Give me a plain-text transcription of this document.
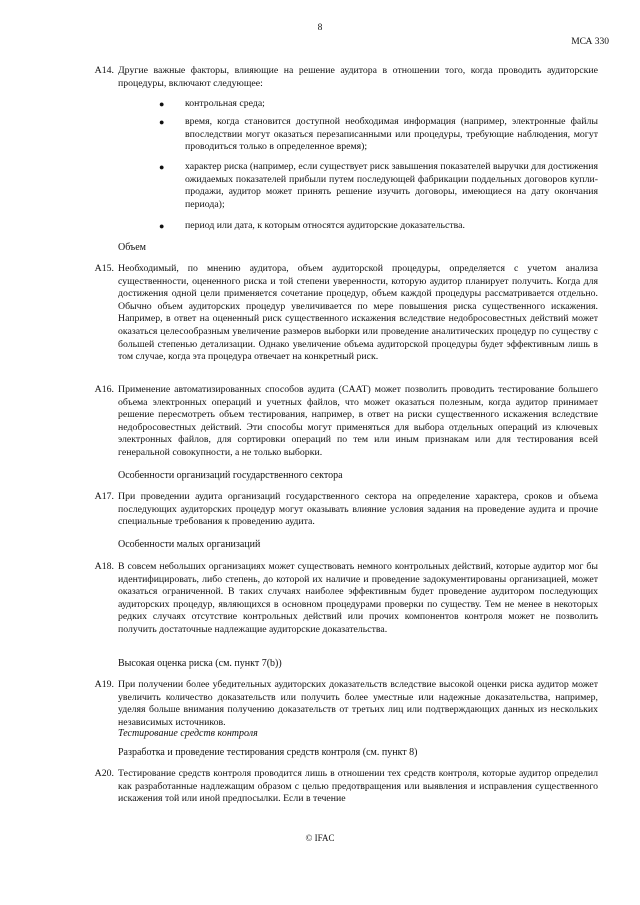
8
МСА 330
A14. Другие важные факторы, влияющие на решение аудитора в отношении того, когда проводить аудиторские процедуры, включают следующее:
● контрольная среда;
● время, когда становится доступной необходимая информация (например, электронные файлы впоследствии могут оказаться перезаписанными или процедуры, требующие наблюдения, могут проводиться только в определенное время);
● характер риска (например, если существует риск завышения показателей выручки для достижения ожидаемых показателей прибыли путем последующей фабрикации поддельных договоров купли-продажи, аудитор может принять решение изучить договоры, имеющиеся на дату окончания периода);
● период или дата, к которым относятся аудиторские доказательства.
Объем
A15. Необходимый, по мнению аудитора, объем аудиторской процедуры, определяется с учетом анализа существенности, оцененного риска и той степени уверенности, которую аудитор планирует получить. Когда для достижения одной цели применяется сочетание процедур, объем каждой процедуры рассматривается отдельно. Обычно объем аудиторских процедур увеличивается по мере повышения риска существенного искажения. Например, в ответ на оцененный риск существенного искажения вследствие недобросовестных действий может оказаться целесообразным увеличение размеров выборки или проведение аналитических процедур по существу с большей степенью детализации. Однако увеличение объема аудиторской процедуры будет эффективным лишь в том случае, когда эта процедура отвечает на конкретный риск.
A16. Применение автоматизированных способов аудита (CAAT) может позволить проводить тестирование большего объема электронных операций и учетных файлов, что может оказаться полезным, когда аудитор принимает решение пересмотреть объем тестирования, например, в ответ на риски существенного искажения вследствие недобросовестных действий. Эти способы могут применяться для выбора отдельных операций из ключевых электронных файлов, для сортировки операций по тем или иным признакам или для тестирования всей генеральной совокупности, а не только выборки.
Особенности организаций государственного сектора
A17. При проведении аудита организаций государственного сектора на определение характера, сроков и объема последующих аудиторских процедур могут оказывать влияние условия задания на проведение аудита и прочие специальные требования к проведению аудита.
Особенности малых организаций
A18. В совсем небольших организациях может существовать немного контрольных действий, которые аудитор мог бы идентифицировать, либо степень, до которой их наличие и проведение задокументированы организацией, может оказаться ограниченной. В таких случаях наиболее эффективным будет проведение аудитором последующих аудиторских процедур, являющихся в основном процедурами проверки по существу. Тем не менее в некоторых редких случаях отсутствие контрольных действий или прочих компонентов контроля может не позволить получить достаточные надлежащие аудиторские доказательства.
Высокая оценка риска (см. пункт 7(b))
A19. При получении более убедительных аудиторских доказательств вследствие высокой оценки риска аудитор может увеличить количество доказательств или получить более уместные или надежные доказательства, например, уделяя больше внимания получению доказательств от третьих лиц или подтверждающих данных из нескольких независимых источников.
Тестирование средств контроля
Разработка и проведение тестирования средств контроля (см. пункт 8)
A20. Тестирование средств контроля проводится лишь в отношении тех средств контроля, которые аудитор определил как разработанные надлежащим образом с целью предотвращения или выявления и исправления существенного искажения той или иной предпосылки. Если в течение
© IFAC
